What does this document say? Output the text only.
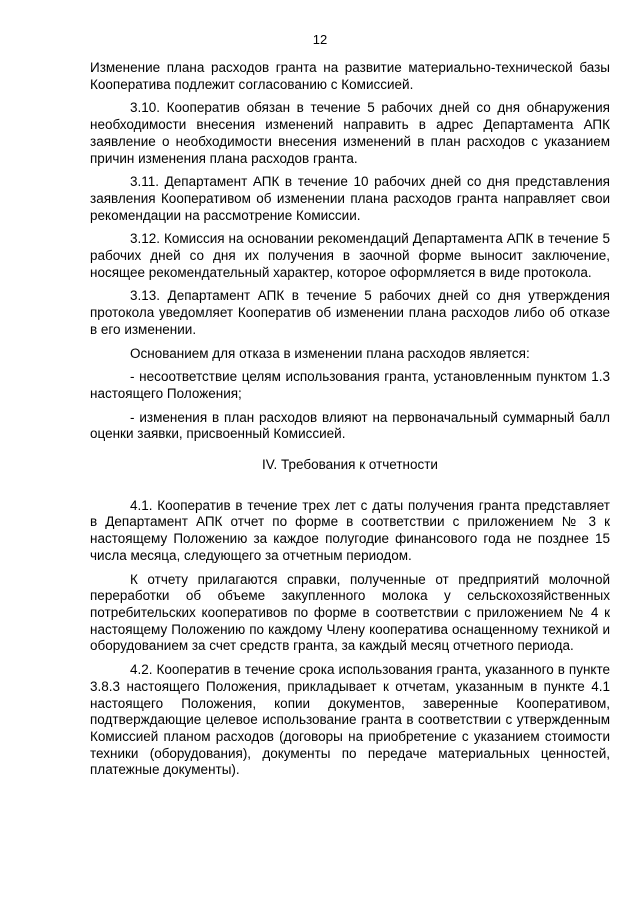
12

Изменение плана расходов гранта на развитие материально-технической базы Кооператива подлежит согласованию с Комиссией.

3.10. Кооператив обязан в течение 5 рабочих дней со дня обнаружения необходимости внесения изменений направить в адрес Департамента АПК заявление о необходимости внесения изменений в план расходов с указанием причин изменения плана расходов гранта.

3.11. Департамент АПК в течение 10 рабочих дней со дня представления заявления Кооперативом об изменении плана расходов гранта направляет свои рекомендации на рассмотрение Комиссии.

3.12. Комиссия на основании рекомендаций Департамента АПК в течение 5 рабочих дней со дня их получения в заочной форме выносит заключение, носящее рекомендательный характер, которое оформляется в виде протокола.

3.13. Департамент АПК в течение 5 рабочих дней со дня утверждения протокола уведомляет Кооператив об изменении плана расходов либо об отказе в его изменении.

Основанием для отказа в изменении плана расходов является:

- несоответствие целям использования гранта, установленным пунктом 1.3 настоящего Положения;

- изменения в план расходов влияют на первоначальный суммарный балл оценки заявки, присвоенный Комиссией.

IV. Требования к отчетности

4.1. Кооператив в течение трех лет с даты получения гранта представляет в Департамент АПК отчет по форме в соответствии с приложением № 3 к настоящему Положению за каждое полугодие финансового года не позднее 15 числа месяца, следующего за отчетным периодом.

К отчету прилагаются справки, полученные от предприятий молочной переработки об объеме закупленного молока у сельскохозяйственных потребительских кооперативов по форме в соответствии с приложением № 4 к настоящему Положению по каждому Члену кооператива оснащенному техникой и оборудованием за счет средств гранта, за каждый месяц отчетного периода.

4.2. Кооператив в течение срока использования гранта, указанного в пункте 3.8.3 настоящего Положения, прикладывает к отчетам, указанным в пункте 4.1 настоящего Положения, копии документов, заверенные Кооперативом, подтверждающие целевое использование гранта в соответствии с утвержденным Комиссией планом расходов (договоры на приобретение с указанием стоимости техники (оборудования), документы по передаче материальных ценностей, платежные документы).
